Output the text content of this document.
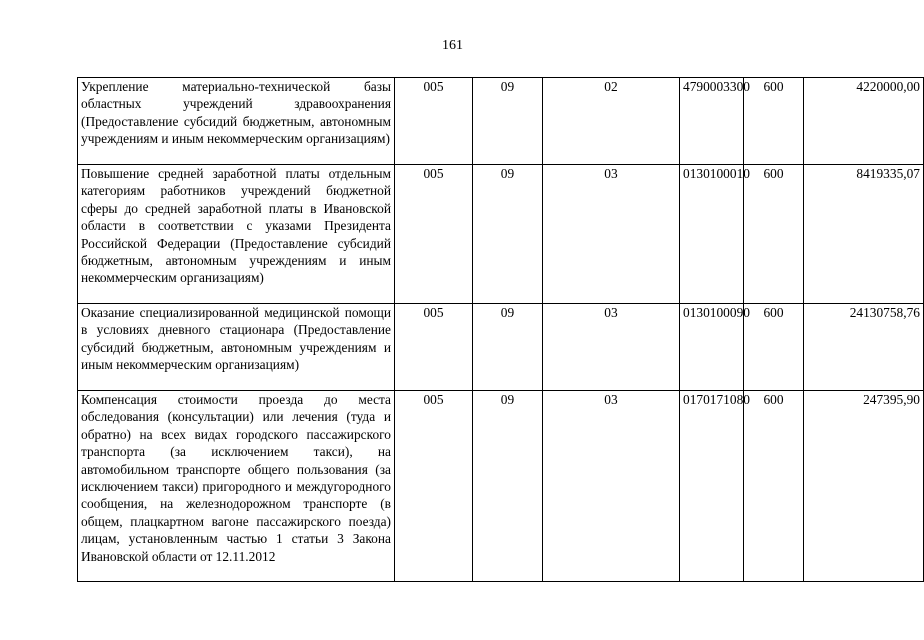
161
Укрепление материально-технической базы областных учреждений здравоохранения (Предоставление субсидий бюджетным, автономным учреждениям и иным некоммерческим организациям)	005	09	02	4790003300	600	4220000,00
Повышение средней заработной платы отдельным категориям работников учреждений бюджетной сферы до средней заработной платы в Ивановской области в соответствии с указами Президента Российской Федерации (Предоставление субсидий бюджетным, автономным учреждениям и иным некоммерческим организациям)	005	09	03	0130100010	600	8419335,07
Оказание специализированной медицинской помощи в условиях дневного стационара (Предоставление субсидий бюджетным, автономным учреждениям и иным некоммерческим организациям)	005	09	03	0130100090	600	24130758,76
Компенсация стоимости проезда до места обследования (консультации) или лечения (туда и обратно) на всех видах городского пассажирского транспорта (за исключением такси), на автомобильном транспорте общего пользования (за исключением такси) пригородного и междугородного сообщения, на железнодорожном транспорте (в общем, плацкартном вагоне пассажирского поезда) лицам, установленным частью 1 статьи 3 Закона Ивановской области от 12.11.2012	005	09	03	0170171080	600	247395,90
